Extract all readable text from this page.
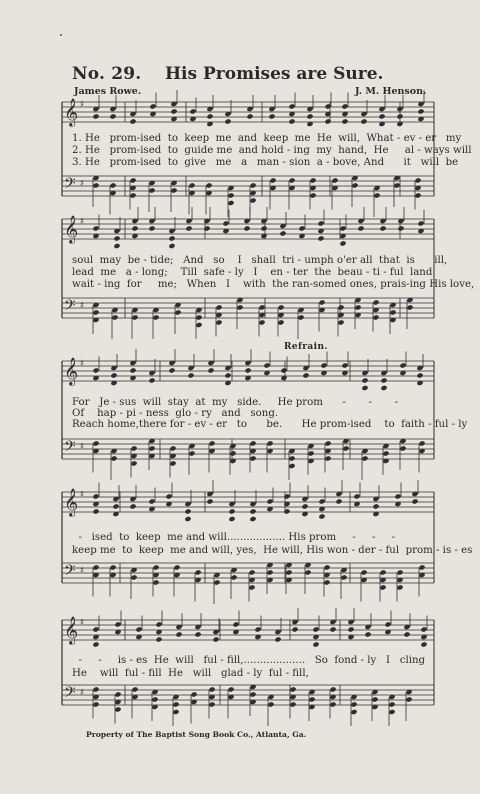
No. 29. His Promises are Sure.
James Rowe.	J. M. Henson.
𝄞
𝄢
♯
♯
𝄞
𝄢
♯
♯
𝄞
𝄢
♯
♯
𝄞
𝄢
♯
♯
𝄞
𝄢
♯
♯
1. He   prom-ised  to  keep  me  and  keep  me  He  will,  What - ev - er   my
2. He   prom-ised  to  guide me  and hold - ing  my  hand,  He     al - ways will
3. He   prom-ised  to  give   me   a   man - sion  a - bove, And      it   will  be
soul  may  be - tide;   And   so    I   shall  tri - umph o'er all  that  is      ill,
lead  me   a - long;    Till  safe - ly   I    en - ter  the  beau - ti - ful  land
wait - ing  for     me;   When   I    with  the ran-somed ones, prais-ing His love,
Refrain.
For   Je - sus  will  stay  at  my   side.     He prom      -       -       -
Of    hap - pi - ness  glo - ry   and   song.
Reach home,there for - ev - er   to      be.      He prom-ised    to  faith - ful - ly
-   ised  to  keep  me and will.................. His prom     -     -     -
keep me  to  keep  me and will, yes,  He will, His won - der - ful  prom - is - es
-     -     is - es  He  will   ful - fill,...................   So  fond - ly   I   cling
He    will  ful - fill  He   will   glad - ly  ful - fill,
Property of The Baptist Song Book Co., Atlanta, Ga.
